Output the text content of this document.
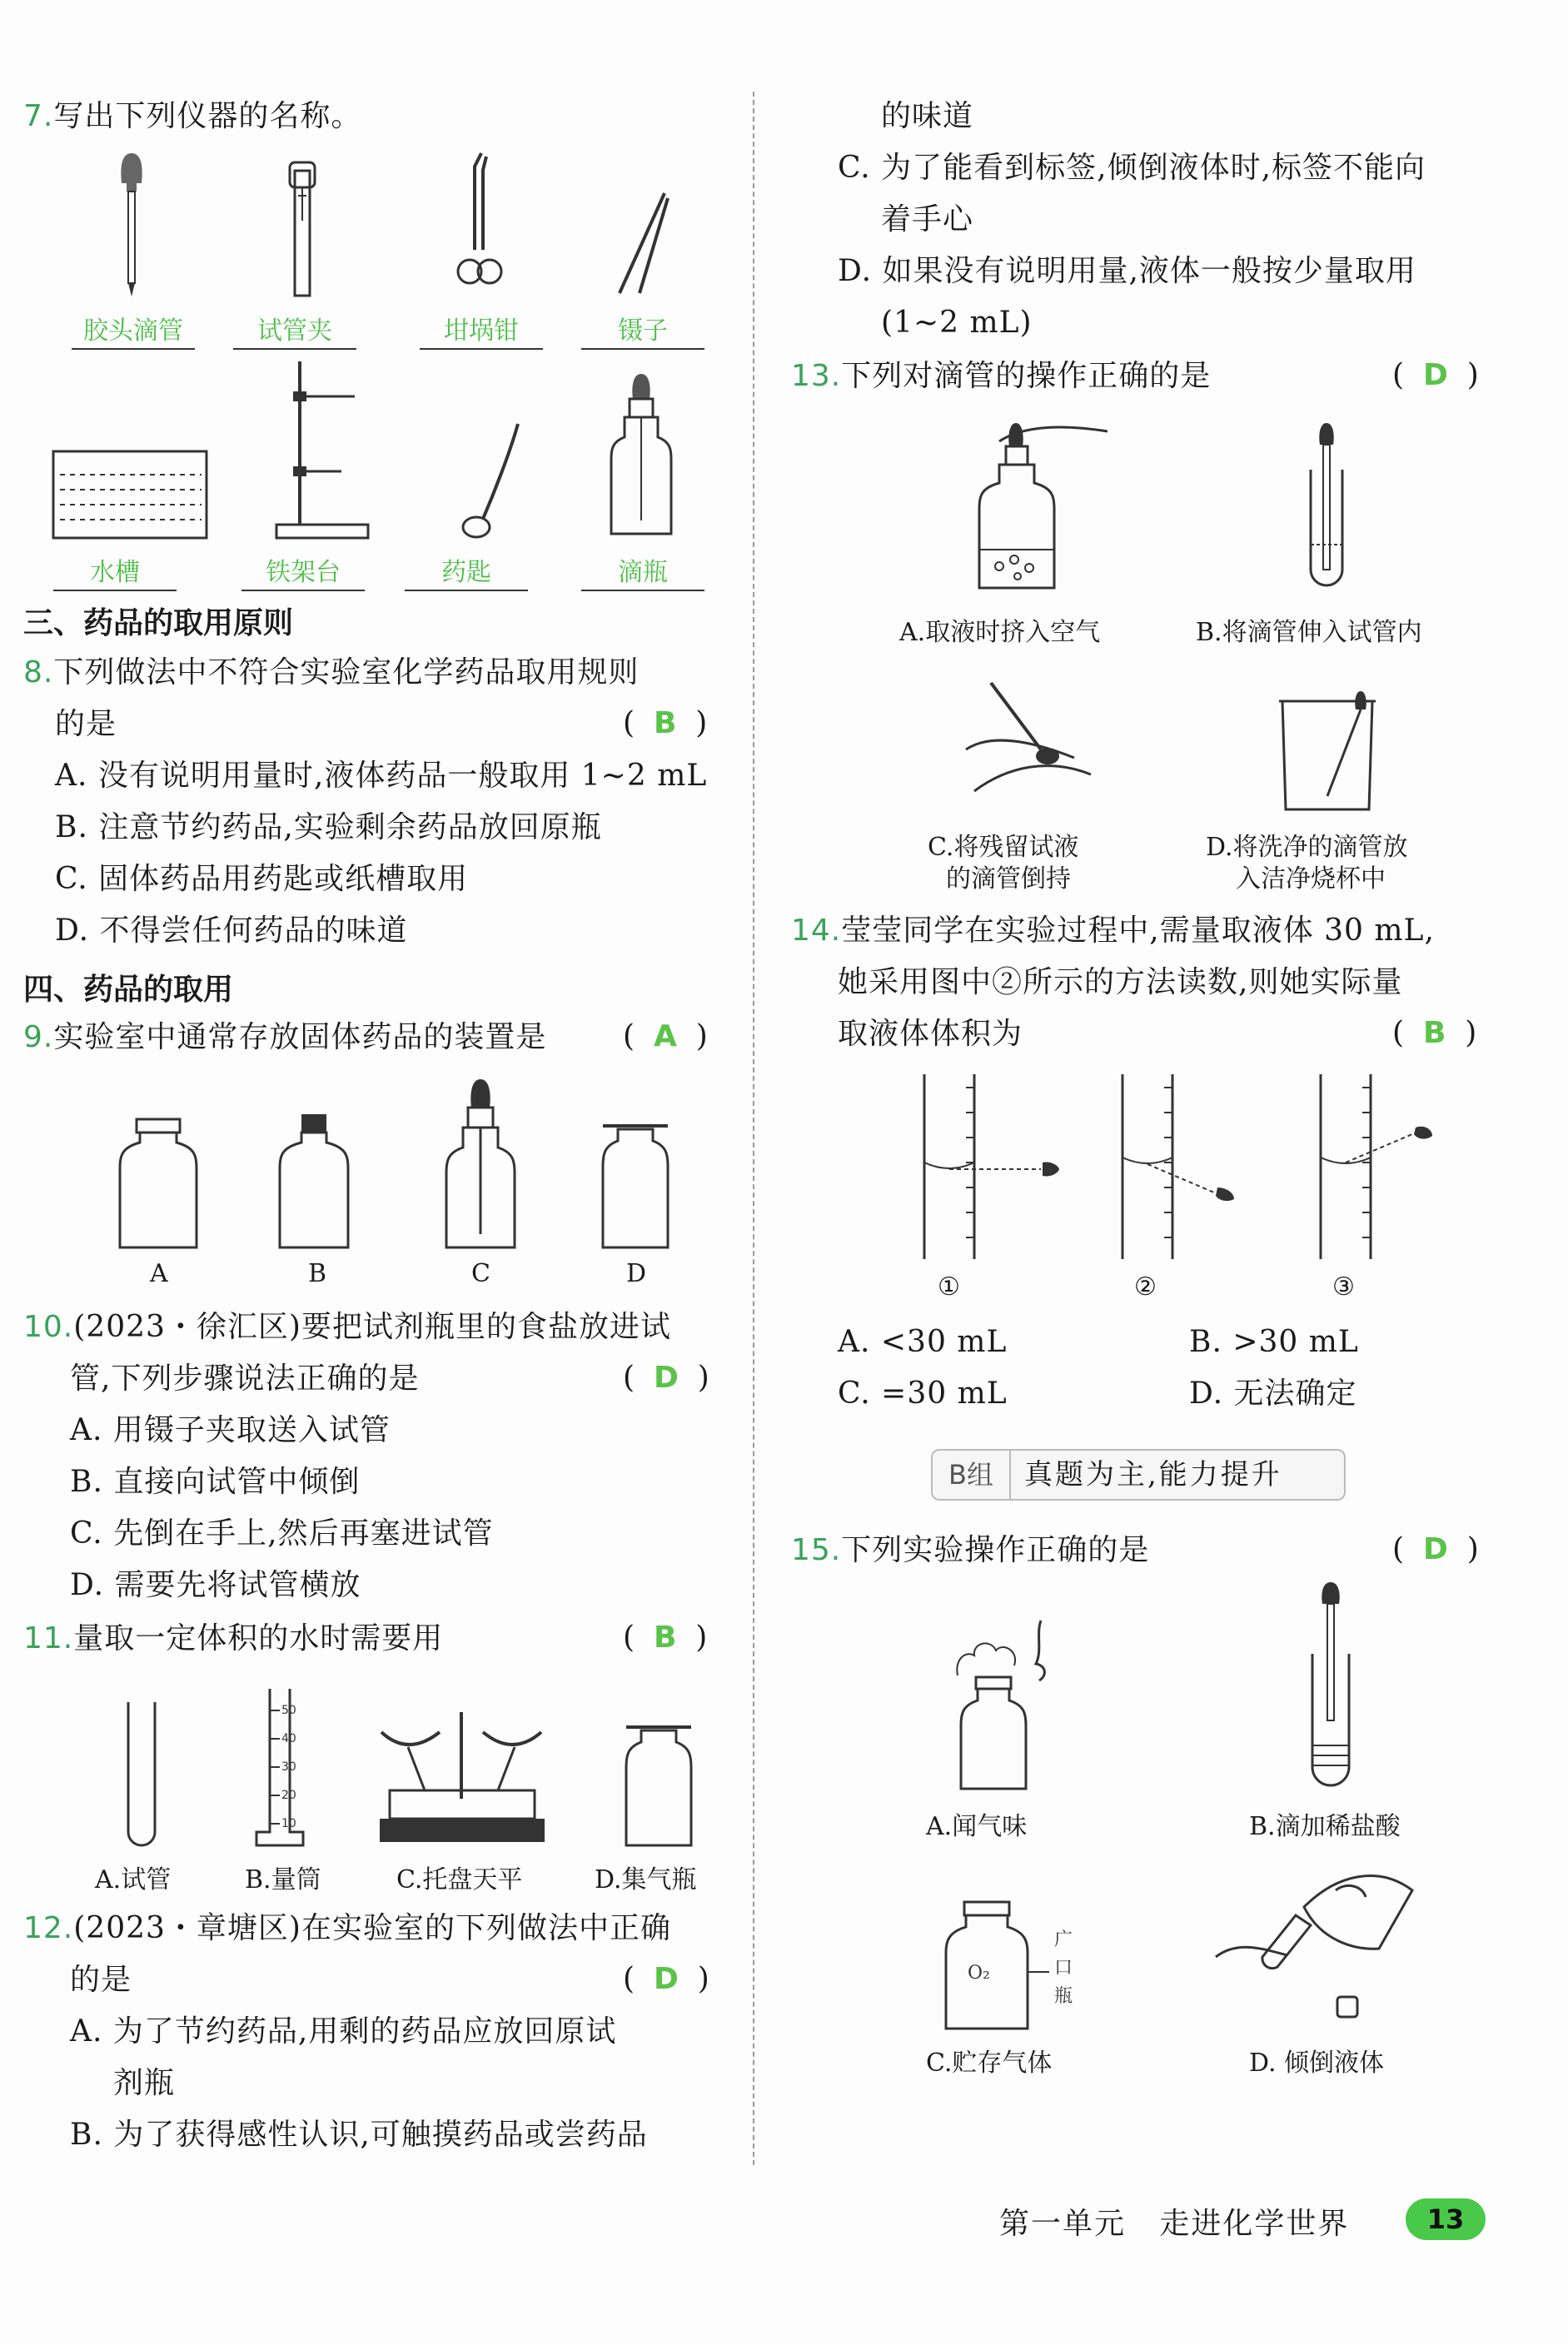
7.写出下列仪器的名称。
胶头滴管	试管夹	坩埚钳	镊子
水槽	铁架台	药匙	滴瓶
三、药品的取用原则
8.下列做法中不符合实验室化学药品取用规则
的是	(  B  )
A. 没有说明用量时,液体药品一般取用 1~2 mL
B. 注意节约药品,实验剩余药品放回原瓶
C. 固体药品用药匙或纸槽取用
D. 不得尝任何药品的味道
四、药品的取用
9.实验室中通常存放固体药品的装置是	(  A  )
A	B	C	D
10.(2023・徐汇区)要把试剂瓶里的食盐放进试
管,下列步骤说法正确的是	(  D  )
A. 用镊子夹取送入试管
B. 直接向试管中倾倒
C. 先倒在手上,然后再塞进试管
D. 需要先将试管横放
11.量取一定体积的水时需要用	(  B  )
50
40
30
20
10
A.试管	B.量筒	C.托盘天平	D.集气瓶
12.(2023・章塘区)在实验室的下列做法中正确
的是	(  D  )
A. 为了节约药品,用剩的药品应放回原试
剂瓶
B. 为了获得感性认识,可触摸药品或尝药品
的味道
C. 为了能看到标签,倾倒液体时,标签不能向
着手心
D. 如果没有说明用量,液体一般按少量取用
(1~2 mL)
13.下列对滴管的操作正确的是	(  D  )
A.取液时挤入空气	B.将滴管伸入试管内
C.将残留试液
的滴管倒持
D.将洗净的滴管放
入洁净烧杯中
14.莹莹同学在实验过程中,需量取液体 30 mL,
她采用图中②所示的方法读数,则她实际量
取液体体积为	(  B  )
①	②	③
A. <30 mL	B. >30 mL
C. =30 mL	D. 无法确定
B组	真题为主,能力提升
15.下列实验操作正确的是	(  D  )
A.闻气味	B.滴加稀盐酸
O₂
广
口
瓶
C.贮存气体	D. 倾倒液体
第一单元 走进化学世界	13
